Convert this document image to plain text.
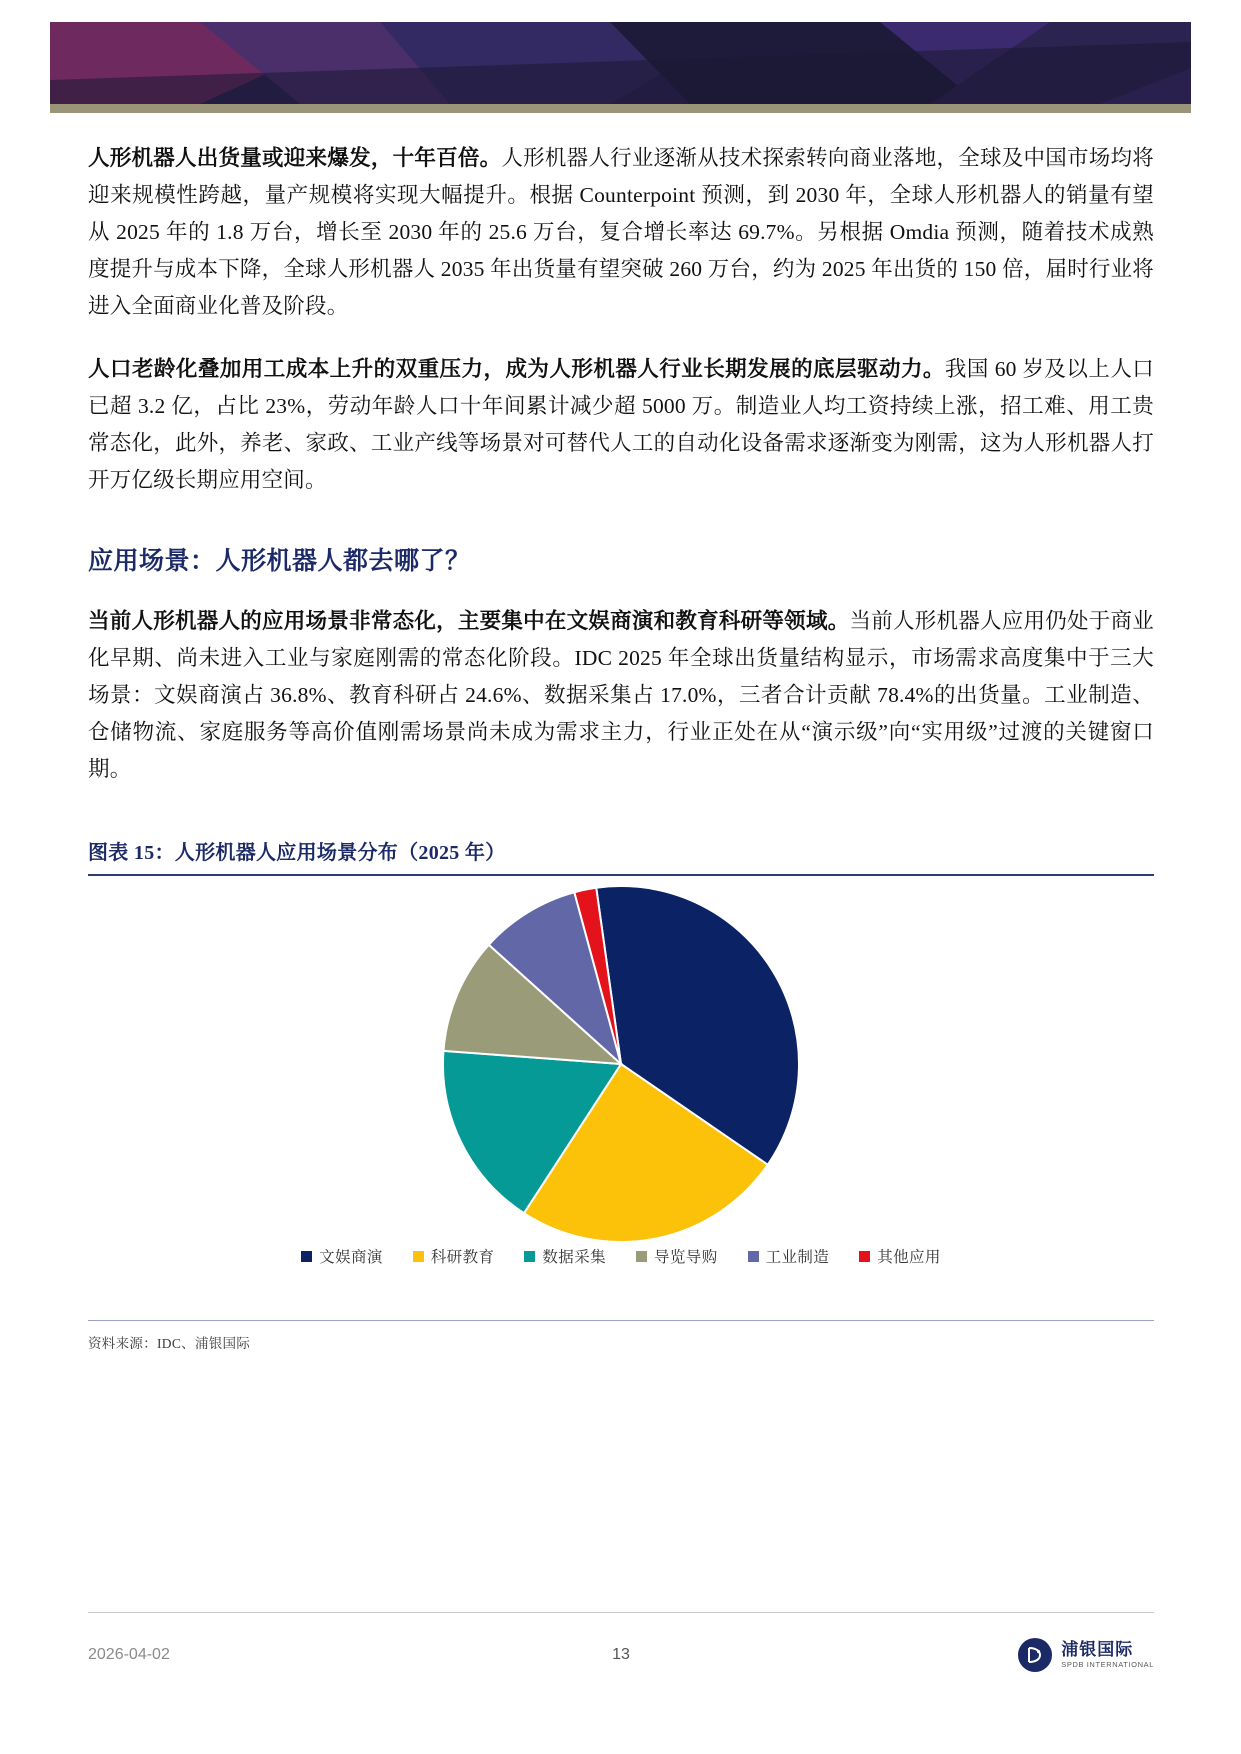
人形机器人出货量或迎来爆发，十年百倍。人形机器人行业逐渐从技术探索转向商业落地，全球及中国市场均将迎来规模性跨越，量产规模将实现大幅提升。根据 Counterpoint 预测，到 2030 年，全球人形机器人的销量有望从 2025 年的 1.8 万台，增长至 2030 年的 25.6 万台，复合增长率达 69.7%。另根据 Omdia 预测，随着技术成熟度提升与成本下降，全球人形机器人 2035 年出货量有望突破 260 万台，约为 2025 年出货的 150 倍，届时行业将进入全面商业化普及阶段。

人口老龄化叠加用工成本上升的双重压力，成为人形机器人行业长期发展的底层驱动力。我国 60 岁及以上人口已超 3.2 亿，占比 23%，劳动年龄人口十年间累计减少超 5000 万。制造业人均工资持续上涨，招工难、用工贵常态化，此外，养老、家政、工业产线等场景对可替代人工的自动化设备需求逐渐变为刚需，这为人形机器人打开万亿级长期应用空间。

应用场景：人形机器人都去哪了？

当前人形机器人的应用场景非常态化，主要集中在文娱商演和教育科研等领域。当前人形机器人应用仍处于商业化早期、尚未进入工业与家庭刚需的常态化阶段。IDC 2025 年全球出货量结构显示，市场需求高度集中于三大场景：文娱商演占 36.8%、教育科研占 24.6%、数据采集占 17.0%，三者合计贡献 78.4%的出货量。工业制造、仓储物流、家庭服务等高价值刚需场景尚未成为需求主力，行业正处在从“演示级”向“实用级”过渡的关键窗口期。

图表 15：人形机器人应用场景分布（2025 年）
文娱商演	科研教育	数据采集	导览导购	工业制造	其他应用
资料来源：IDC、浦银国际
2026-04-02	13	浦银国际
SPDB INTERNATIONAL
